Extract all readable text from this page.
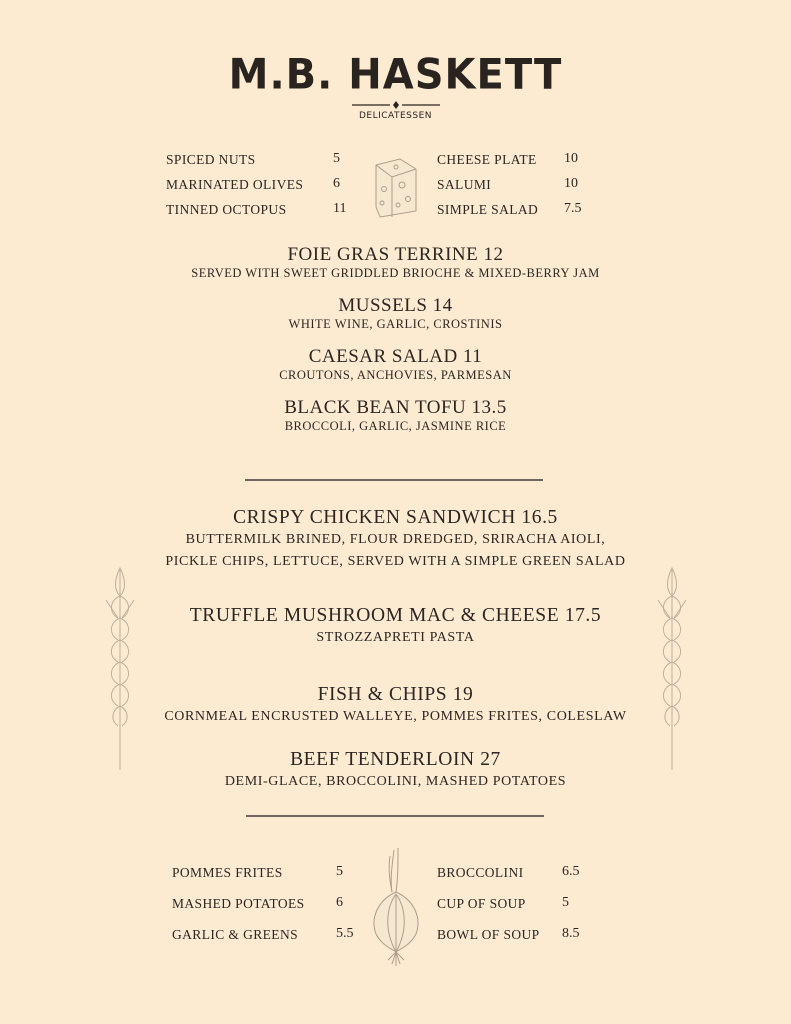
M.B. HASKETT
DELICATESSEN
SPICED NUTS	5
MARINATED OLIVES 6
TINNED OCTOPUS	11
CHEESE PLATE 10
SALUMI	10
SIMPLE SALAD 7.5
FOIE GRAS TERRINE 12
SERVED WITH SWEET GRIDDLED BRIOCHE & MIXED-BERRY JAM
MUSSELS 14
WHITE WINE, GARLIC, CROSTINIS
CAESAR SALAD 11
CROUTONS, ANCHOVIES, PARMESAN
BLACK BEAN TOFU 13.5
BROCCOLI, GARLIC, JASMINE RICE
CRISPY CHICKEN SANDWICH 16.5
BUTTERMILK BRINED, FLOUR DREDGED, SRIRACHA AIOLI,
PICKLE CHIPS, LETTUCE, SERVED WITH A SIMPLE GREEN SALAD
TRUFFLE MUSHROOM MAC & CHEESE 17.5
STROZZAPRETI PASTA
FISH & CHIPS 19
CORNMEAL ENCRUSTED WALLEYE, POMMES FRITES, COLESLAW
BEEF TENDERLOIN 27
DEMI-GLACE, BROCCOLINI, MASHED POTATOES
POMMES FRITES	5
MASHED POTATOES 6
GARLIC & GREENS	5.5
BROCCOLINI	6.5
CUP OF SOUP	5
BOWL OF SOUP 8.5
